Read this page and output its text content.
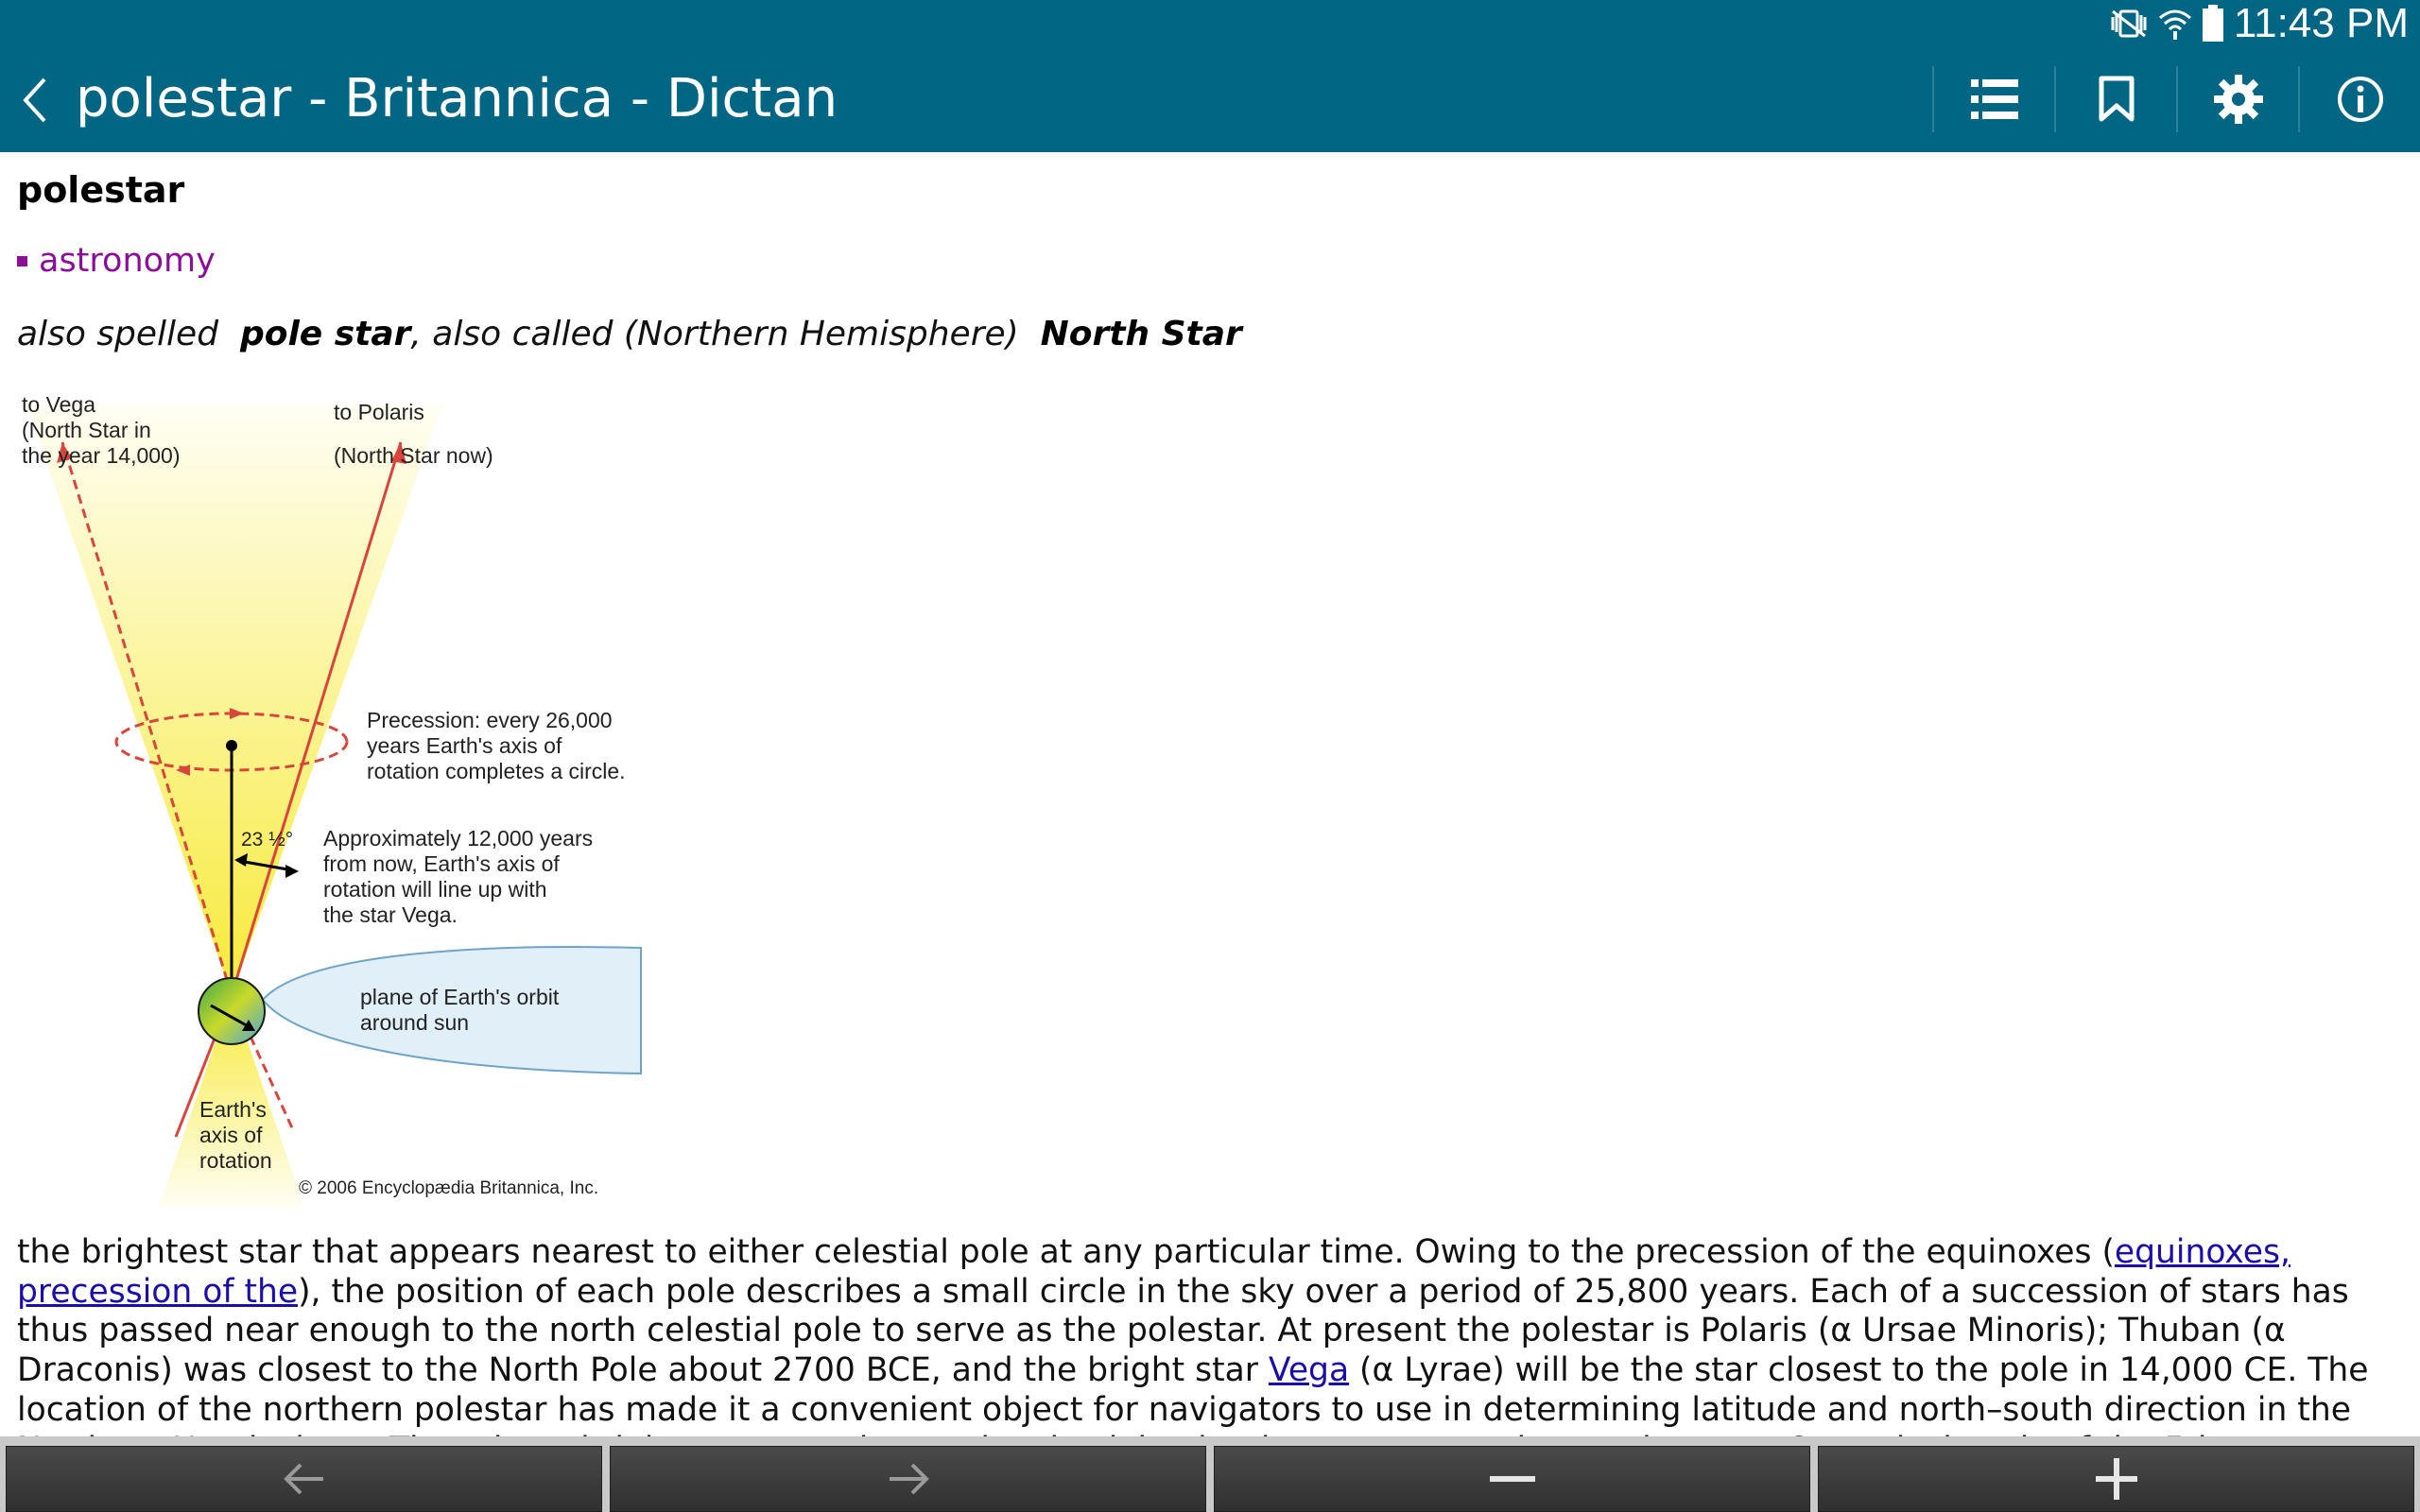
11:43 PM
polestar - Britannica - Dictan
polestar
astronomy
also spelled pole star, also called (Northern Hemisphere) North Star
to Vega
(North Star in
the year 14,000)
to Polaris
(North Star now)
Precession: every 26,000
years Earth's axis of
rotation completes a circle.
23 ½° Approximately 12,000 years
from now, Earth's axis of
rotation will line up with
the star Vega.
plane of Earth's orbit
around sun
Earth's
axis of
rotation
© 2006 Encyclopædia Britannica, Inc.

the brightest star that appears nearest to either celestial pole at any particular time. Owing to the precession of the equinoxes (equinoxes, precession of the), the position of each pole describes a small circle in the sky over a period of 25,800 years. Each of a succession of stars has thus passed near enough to the north celestial pole to serve as the polestar. At present the polestar is Polaris (α Ursae Minoris); Thuban (α Draconis) was closest to the North Pole about 2700 BCE, and the bright star Vega (α Lyrae) will be the star closest to the pole in 14,000 CE. The location of the northern polestar has made it a convenient object for navigators to use in determining latitude and north–south direction in the
